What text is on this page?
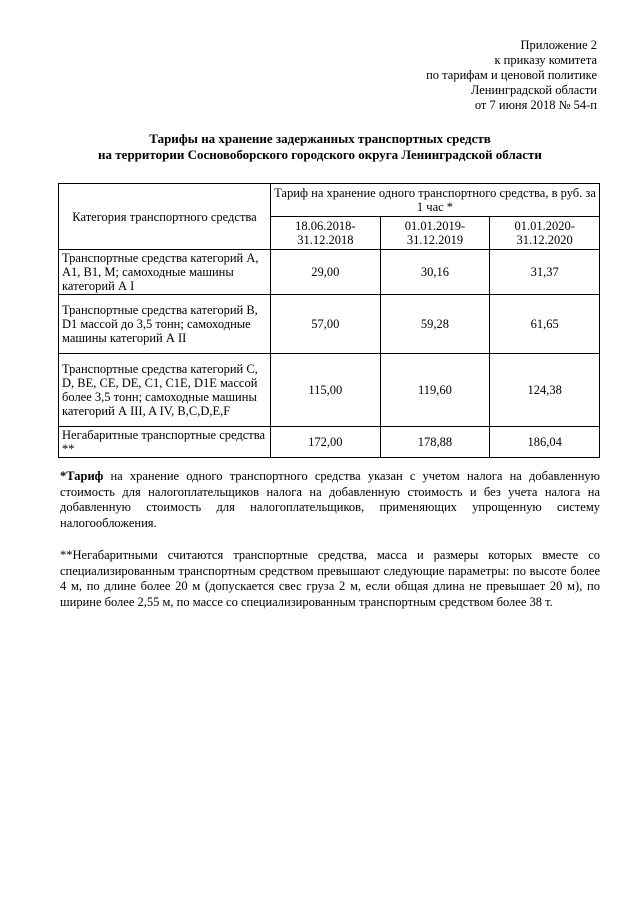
Приложение 2
к приказу комитета
по тарифам и ценовой политике
Ленинградской области
от 7 июня 2018 № 54-п
Тарифы на хранение задержанных транспортных средств
на территории Сосновоборского городского округа Ленинградской области
Категория транспортного средства	Тариф на хранение одного транспортного средства, в руб. за 1 час *		
	18.06.2018-31.12.2018	01.01.2019-31.12.2019	01.01.2020-31.12.2020
Транспортные средства категорий А, А1, В1, М; самоходные машины категорий А I	29,00	30,16	31,37
Транспортные средства категорий В, D1 массой до 3,5 тонн; самоходные машины категорий А II	57,00	59,28	61,65
Транспортные средства категорий С, D, ВЕ, СЕ, DE, С1, С1Е, D1E массой более 3,5 тонн; самоходные машины категорий А III, A IV, B,C,D,E,F	115,00	119,60	124,38
Негабаритные транспортные средства **	172,00	178,88	186,04
*Тариф на хранение одного транспортного средства указан с учетом налога на добавленную стоимость для налогоплательщиков налога на добавленную стоимость и без учета налога на добавленную стоимость для налогоплательщиков, применяющих упрощенную систему налогообложения.
**Негабаритными считаются транспортные средства, масса и размеры которых вместе со специализированным транспортным средством превышают следующие параметры: по высоте более 4 м, по длине более 20 м (допускается свес груза 2 м, если общая длина не превышает 20 м), по ширине более 2,55 м, по массе со специализированным транспортным средством более 38 т.
